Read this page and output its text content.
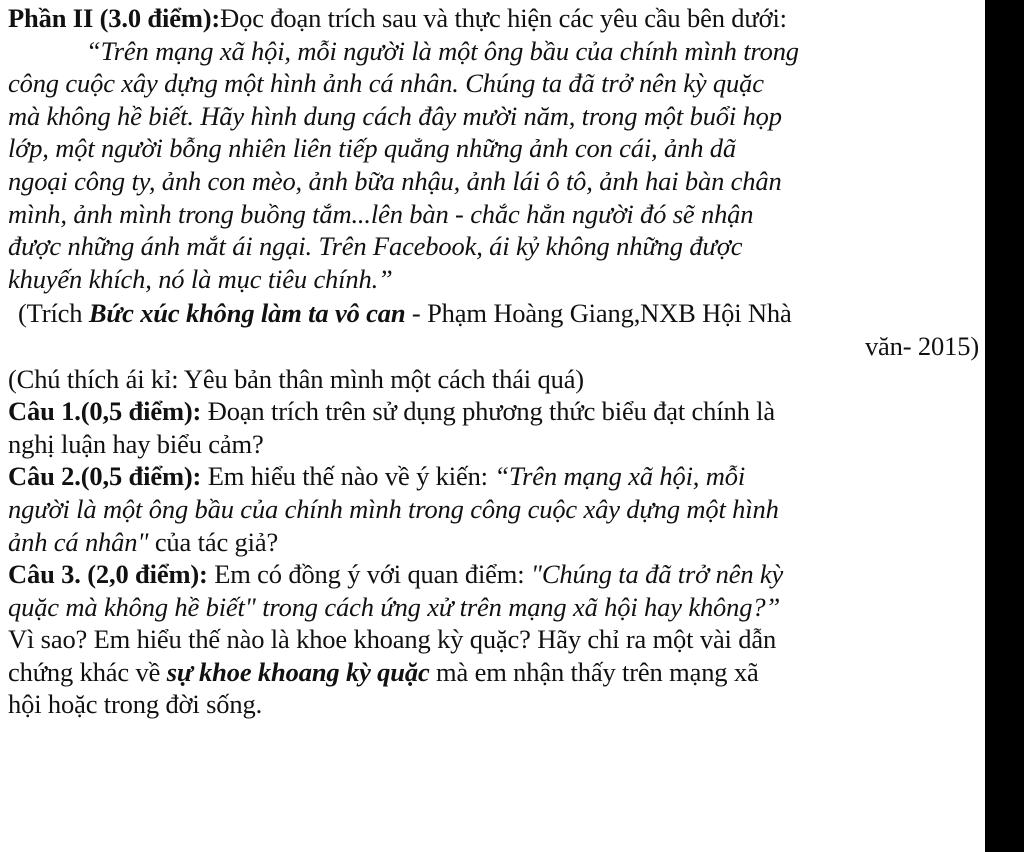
Phần II (3.0 điểm):Đọc đoạn trích sau và thực hiện các yêu cầu bên dưới:
“Trên mạng xã hội, mỗi người là một ông bầu của chính mình trong
công cuộc xây dựng một hình ảnh cá nhân. Chúng ta đã trở nên kỳ quặc
mà không hề biết. Hãy hình dung cách đây mười năm, trong một buổi họp
lớp, một người bỗng nhiên liên tiếp quẳng những ảnh con cái, ảnh dã
ngoại công ty, ảnh con mèo, ảnh bữa nhậu, ảnh lái ô tô, ảnh hai bàn chân
mình, ảnh mình trong buồng tắm...lên bàn - chắc hẳn người đó sẽ nhận
được những ánh mắt ái ngại. Trên Facebook, ái kỷ không những được
khuyến khích, nó là mục tiêu chính.”
(Trích Bức xúc không làm ta vô can - Phạm Hoàng Giang,NXB Hội Nhà
văn- 2015)
(Chú thích ái kỉ: Yêu bản thân mình một cách thái quá)
Câu 1.(0,5 điểm): Đoạn trích trên sử dụng phương thức biểu đạt chính là
nghị luận hay biểu cảm?
Câu 2.(0,5 điểm): Em hiểu thế nào về ý kiến: “Trên mạng xã hội, mỗi
người là một ông bầu của chính mình trong công cuộc xây dựng một hình
ảnh cá nhân" của tác giả?
Câu 3. (2,0 điểm): Em có đồng ý với quan điểm: "Chúng ta đã trở nên kỳ
quặc mà không hề biết" trong cách ứng xử trên mạng xã hội hay không?”
Vì sao? Em hiểu thế nào là khoe khoang kỳ quặc? Hãy chỉ ra một vài dẫn
chứng khác về sự khoe khoang kỳ quặc mà em nhận thấy trên mạng xã
hội hoặc trong đời sống.
